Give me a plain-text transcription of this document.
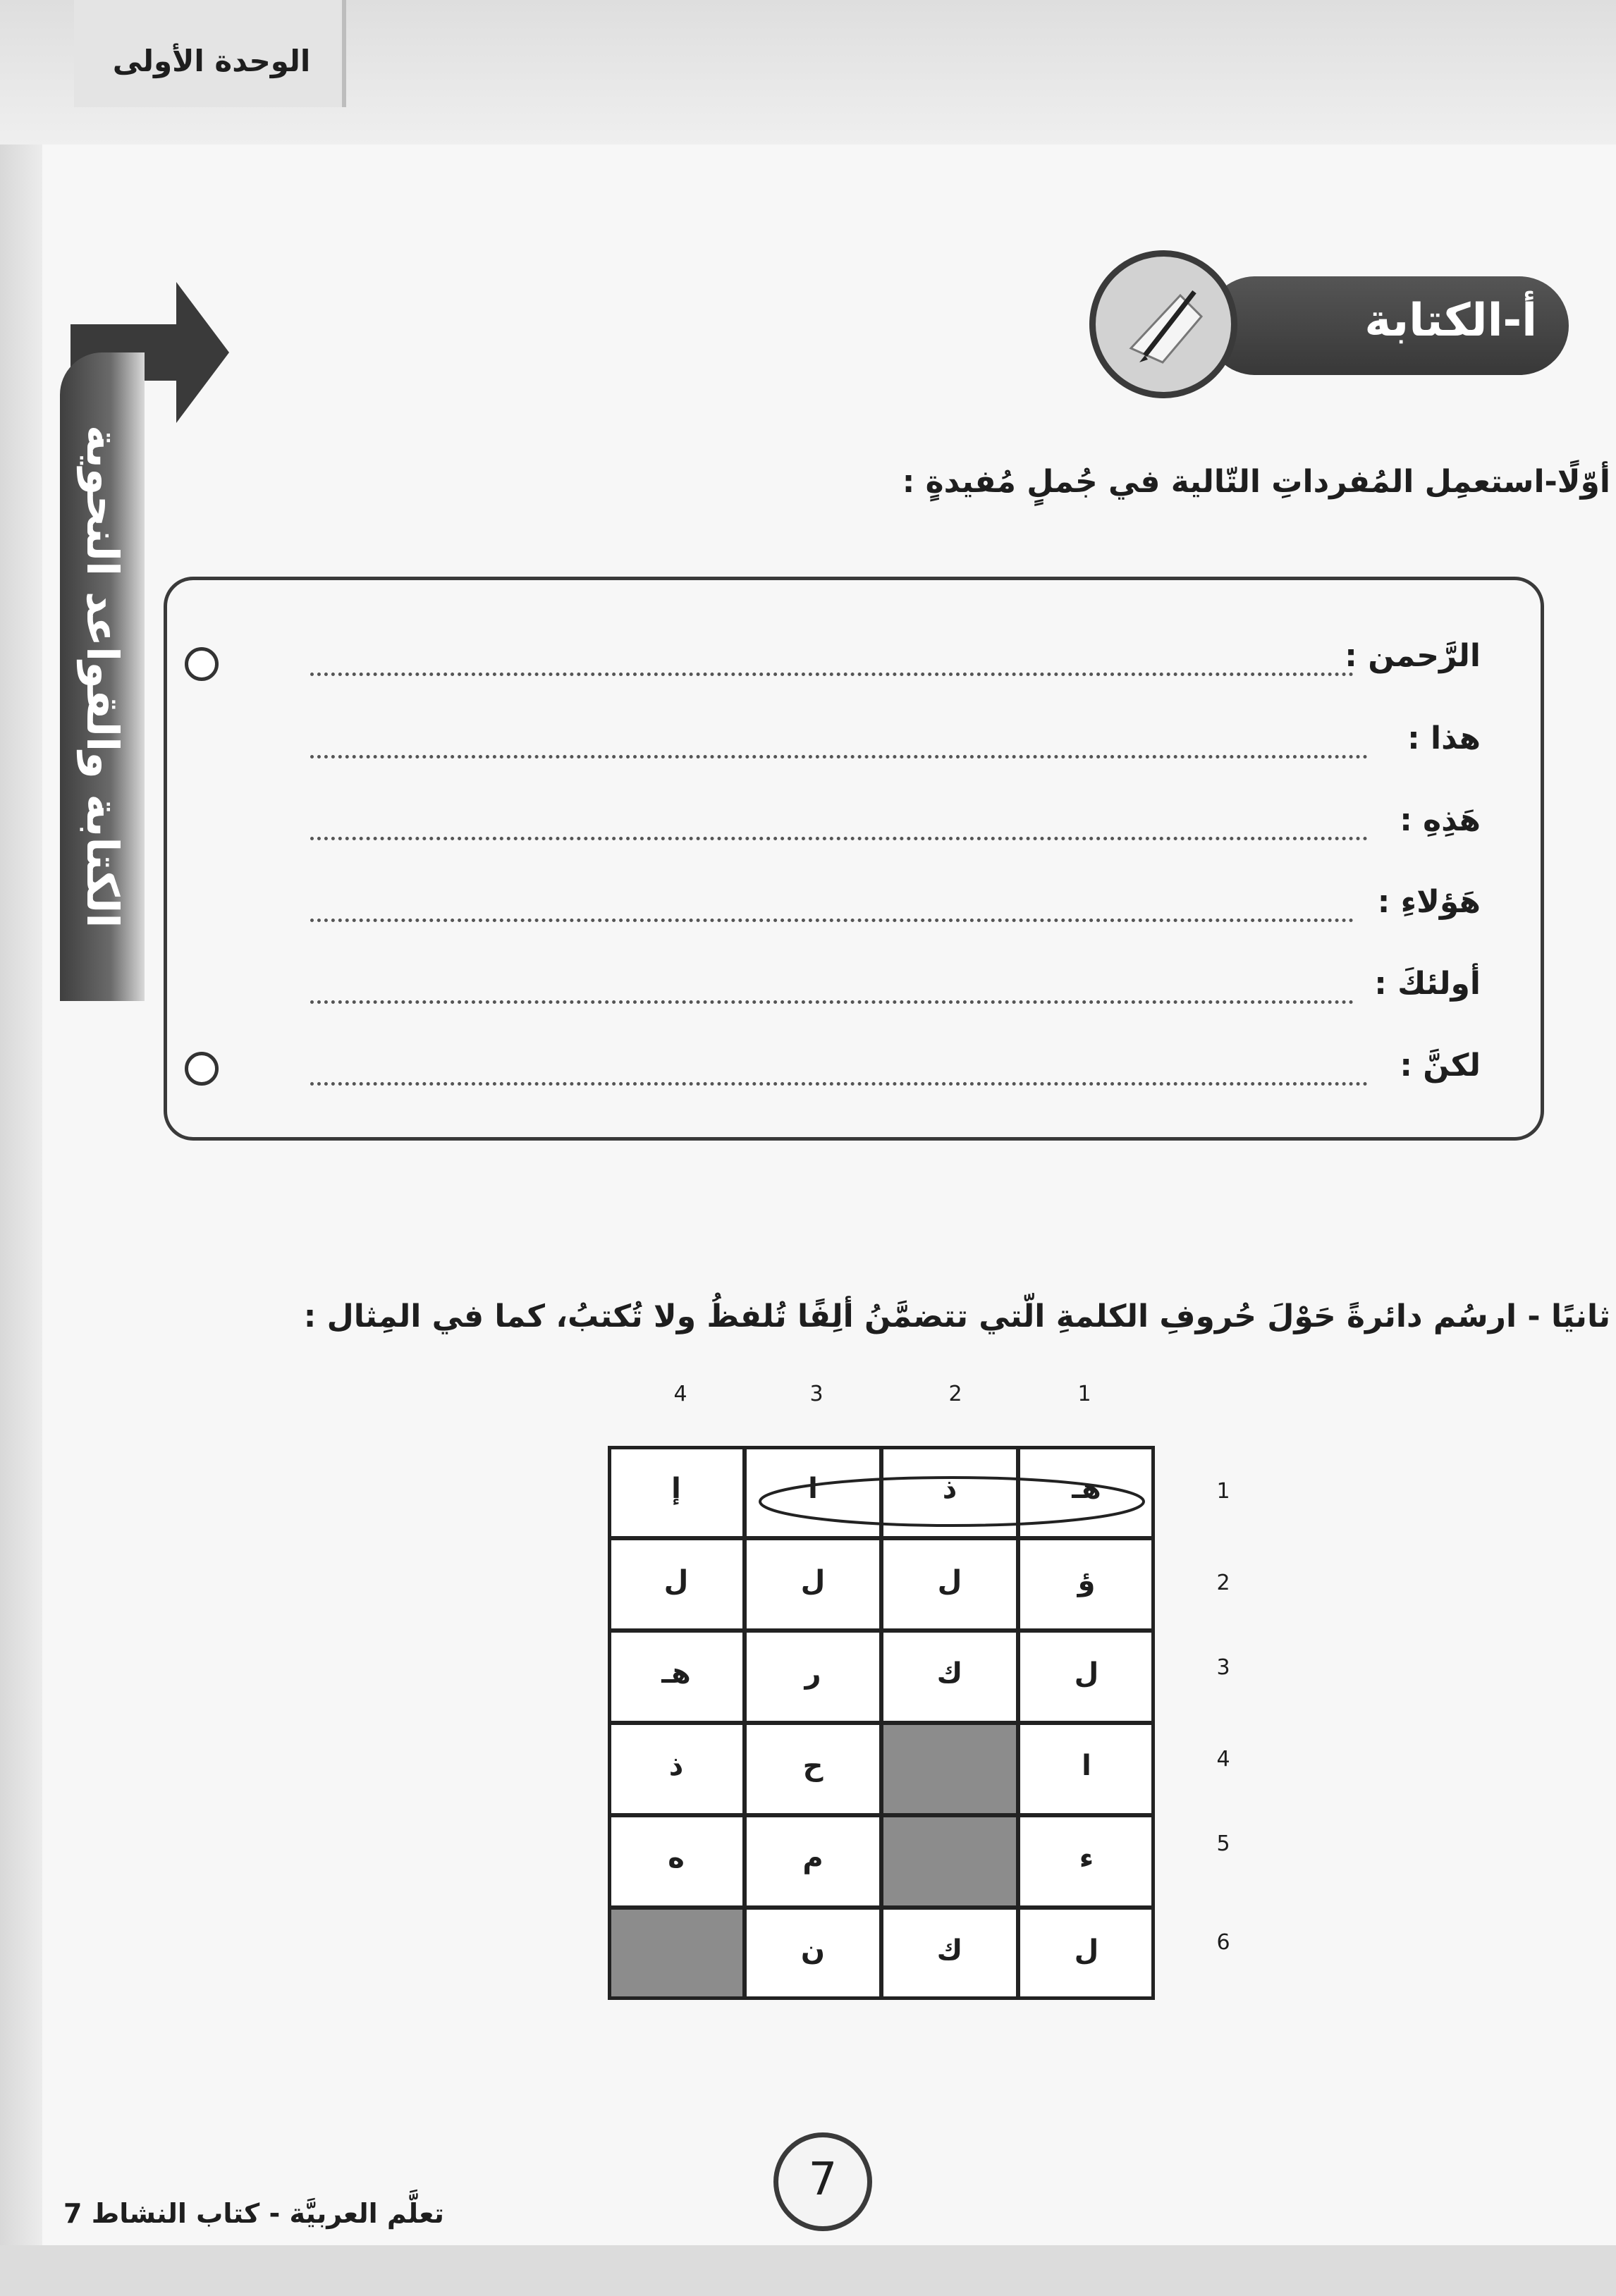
الوحدة الأولى
الكتابة والقواعد النحوية
أ-الكتابة
أوّلًا-استعمِل المُفرداتِ التّالية في جُملٍ مُفيدةٍ :
الرَّحمن :
هذا :
هَذِهِ :
هَؤلاءِ :
أولئكَ :
لكنَّ :
ثانيًا - ارسُم دائرةً حَوْلَ حُروفِ الكلمةِ الّتي تتضمَّنُ ألِفًا تُلفظُ ولا تُكتبُ، كما في المِثال :
1
2
3
4
1
2
3
4
5
6
هـ
ذ
ا
إ
ؤ
ل
ل
ل
ل
ك
ر
هـ
ا
ح
ذ
ء
م
ه
ل
ك
ن
7
تعلَّم العربيَّة - كتاب النشاط 7
